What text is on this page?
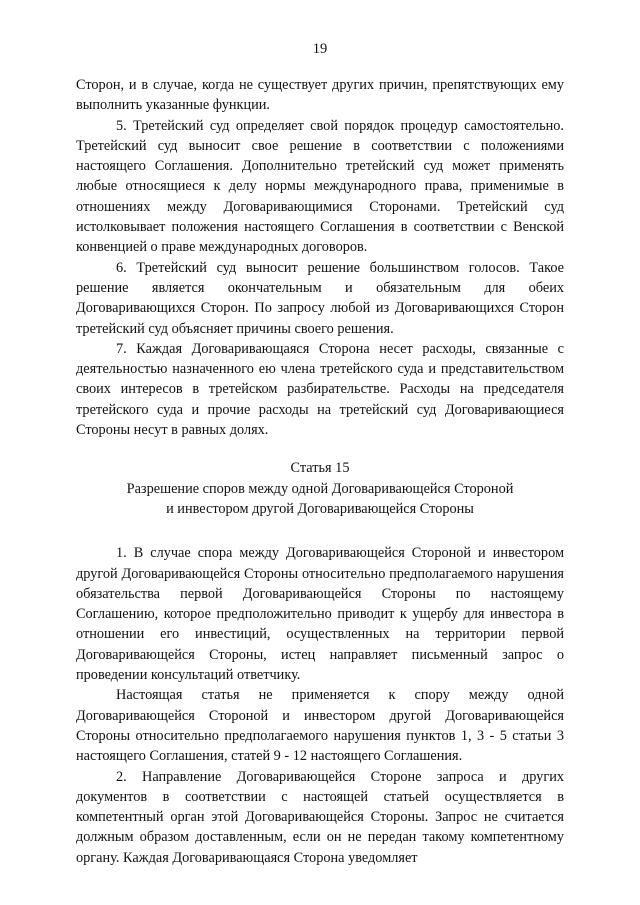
19

Сторон, и в случае, когда не существует других причин, препятствующих ему выполнить указанные функции.

5. Третейский суд определяет свой порядок процедур самостоятельно. Третейский суд выносит свое решение в соответствии с положениями настоящего Соглашения. Дополнительно третейский суд может применять любые относящиеся к делу нормы международного права, применимые в отношениях между Договаривающимися Сторонами. Третейский суд истолковывает положения настоящего Соглашения в соответствии с Венской конвенцией о праве международных договоров.

6. Третейский суд выносит решение большинством голосов. Такое решение является окончательным и обязательным для обеих Договаривающихся Сторон. По запросу любой из Договаривающихся Сторон третейский суд объясняет причины своего решения.

7. Каждая Договаривающаяся Сторона несет расходы, связанные с деятельностью назначенного ею члена третейского суда и представительством своих интересов в третейском разбирательстве. Расходы на председателя третейского суда и прочие расходы на третейский суд Договаривающиеся Стороны несут в равных долях.

Статья 15

Разрешение споров между одной Договаривающейся Стороной

и инвестором другой Договаривающейся Стороны

1. В случае спора между Договаривающейся Стороной и инвестором другой Договаривающейся Стороны относительно предполагаемого нарушения обязательства первой Договаривающейся Стороны по настоящему Соглашению, которое предположительно приводит к ущербу для инвестора в отношении его инвестиций, осуществленных на территории первой Договаривающейся Стороны, истец направляет письменный запрос о проведении консультаций ответчику.

Настоящая статья не применяется к спору между одной Договаривающейся Стороной и инвестором другой Договаривающейся Стороны относительно предполагаемого нарушения пунктов 1, 3 - 5 статьи 3 настоящего Соглашения, статей 9 - 12 настоящего Соглашения.

2. Направление Договаривающейся Стороне запроса и других документов в соответствии с настоящей статьей осуществляется в компетентный орган этой Договаривающейся Стороны. Запрос не считается должным образом доставленным, если он не передан такому компетентному органу. Каждая Договаривающаяся Сторона уведомляет
